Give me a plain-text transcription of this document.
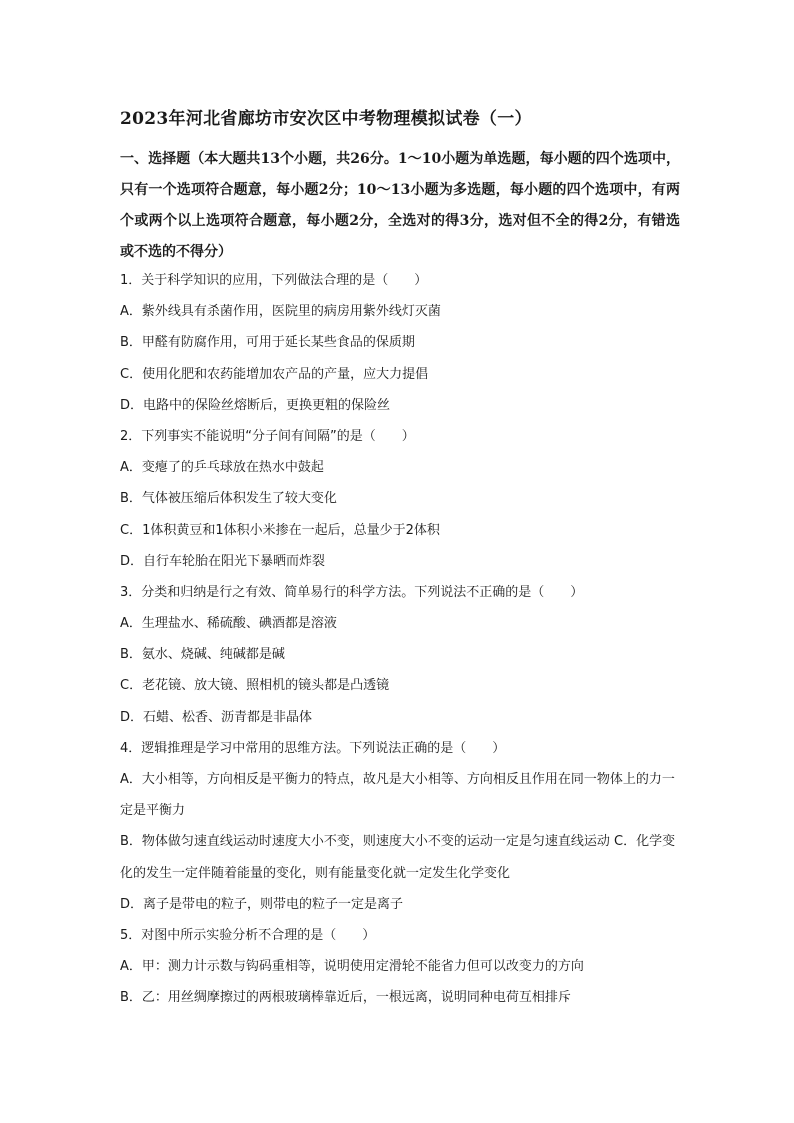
2023年河北省廊坊市安次区中考物理模拟试卷（一）
一、选择题（本大题共13个小题，共26分。1～10小题为单选题，每小题的四个选项中，只有一个选项符合题意，每小题2分；10～13小题为多选题，每小题的四个选项中，有两个或两个以上选项符合题意，每小题2分，全选对的得3分，选对但不全的得2分，有错选或不选的不得分）
1．关于科学知识的应用，下列做法合理的是（　　）
A．紫外线具有杀菌作用，医院里的病房用紫外线灯灭菌
B．甲醛有防腐作用，可用于延长某些食品的保质期
C．使用化肥和农药能增加农产品的产量，应大力提倡
D．电路中的保险丝熔断后，更换更粗的保险丝
2．下列事实不能说明“分子间有间隔”的是（　　）
A．变瘪了的乒乓球放在热水中鼓起
B．气体被压缩后体积发生了较大变化
C．1体积黄豆和1体积小米掺在一起后，总量少于2体积
D．自行车轮胎在阳光下暴晒而炸裂
3．分类和归纳是行之有效、简单易行的科学方法。下列说法不正确的是（　　）
A．生理盐水、稀硫酸、碘酒都是溶液
B．氨水、烧碱、纯碱都是碱
C．老花镜、放大镜、照相机的镜头都是凸透镜
D．石蜡、松香、沥青都是非晶体
4．逻辑推理是学习中常用的思维方法。下列说法正确的是（　　）
A．大小相等，方向相反是平衡力的特点，故凡是大小相等、方向相反且作用在同一物体上的力一定是平衡力
B．物体做匀速直线运动时速度大小不变，则速度大小不变的运动一定是匀速直线运动 C．化学变化的发生一定伴随着能量的变化，则有能量变化就一定发生化学变化
D．离子是带电的粒子，则带电的粒子一定是离子
5．对图中所示实验分析不合理的是（　　）
A．甲：测力计示数与钩码重相等，说明使用定滑轮不能省力但可以改变力的方向
B．乙：用丝绸摩擦过的两根玻璃棒靠近后，一根远离，说明同种电荷互相排斥
